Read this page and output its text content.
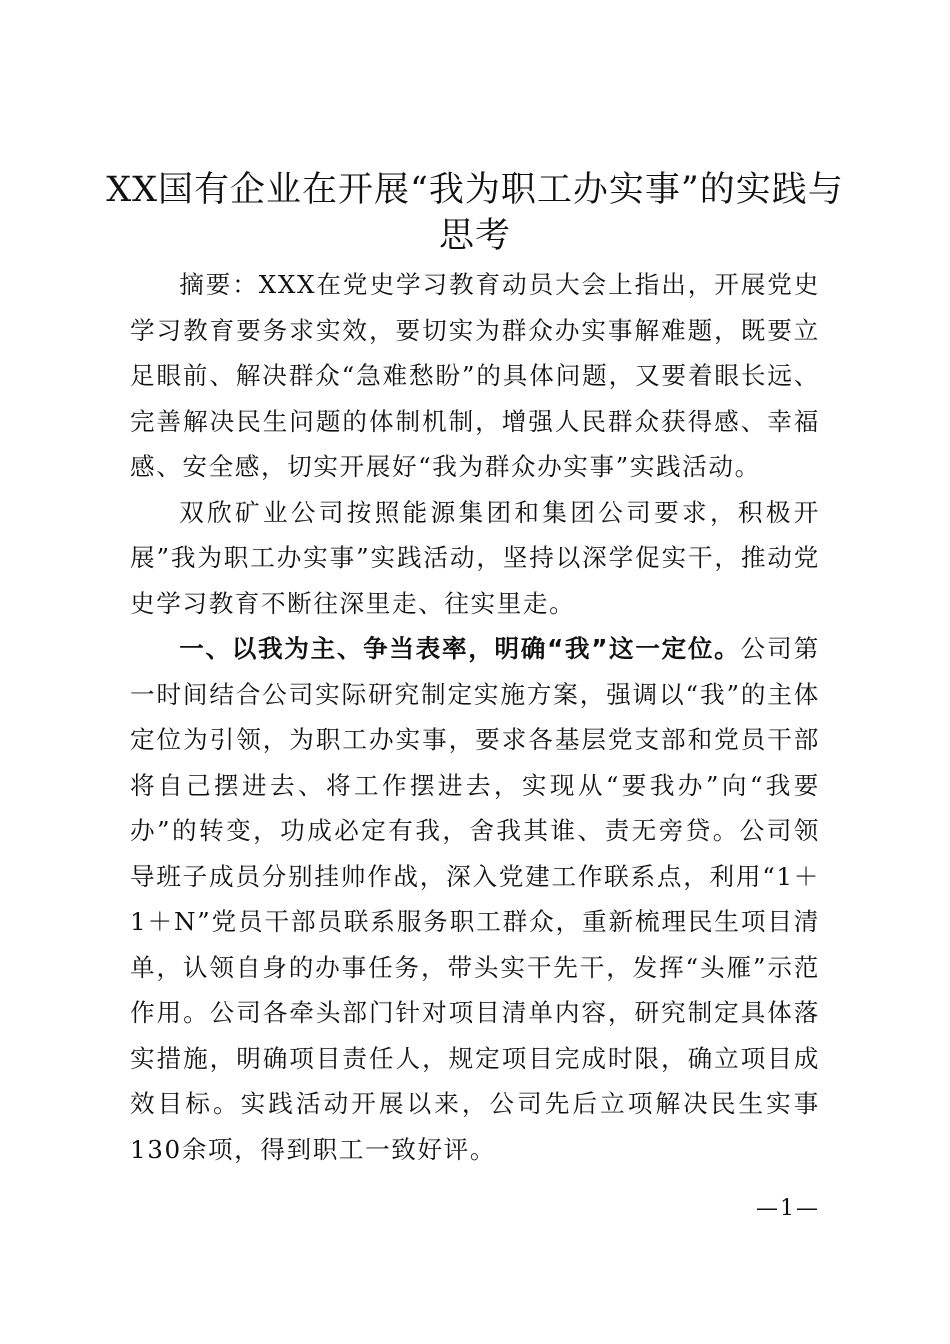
XX国有企业在开展“我为职工办实事”的实践与思考

摘要：XXX在党史学习教育动员大会上指出，开展党史学习教育要务求实效，要切实为群众办实事解难题，既要立足眼前、解决群众“急难愁盼”的具体问题，又要着眼长远、完善解决民生问题的体制机制，增强人民群众获得感、幸福感、安全感，切实开展好“我为群众办实事”实践活动。

双欣矿业公司按照能源集团和集团公司要求，积极开展”我为职工办实事”实践活动，坚持以深学促实干，推动党史学习教育不断往深里走、往实里走。

一、以我为主、争当表率，明确“我”这一定位。公司第一时间结合公司实际研究制定实施方案，强调以“我”的主体定位为引领，为职工办实事，要求各基层党支部和党员干部将自己摆进去、将工作摆进去，实现从“要我办”向“我要办”的转变，功成必定有我，舍我其谁、责无旁贷。公司领导班子成员分别挂帅作战，深入党建工作联系点，利用“1＋1＋N”党员干部员联系服务职工群众，重新梳理民生项目清单，认领自身的办事任务，带头实干先干，发挥“头雁”示范作用。公司各牵头部门针对项目清单内容，研究制定具体落实措施，明确项目责任人，规定项目完成时限，确立项目成效目标。实践活动开展以来，公司先后立项解决民生实事130余项，得到职工一致好评。

—1—
